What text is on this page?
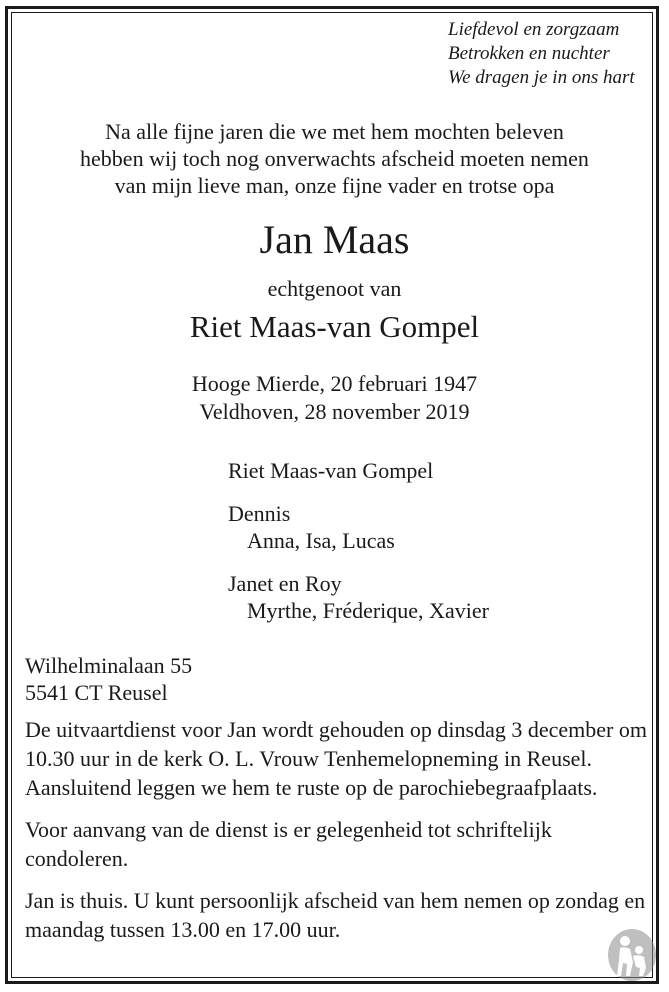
Liefdevol en zorgzaam
Betrokken en nuchter
We dragen je in ons hart
Na alle fijne jaren die we met hem mochten beleven
hebben wij toch nog onverwachts afscheid moeten nemen
van mijn lieve man, onze fijne vader en trotse opa
Jan Maas
echtgenoot van
Riet Maas-van Gompel
Hooge Mierde, 20 februari 1947
Veldhoven, 28 november 2019
Riet Maas-van Gompel
Dennis
Anna, Isa, Lucas
Janet en Roy
Myrthe, Fréderique, Xavier
Wilhelminalaan 55
5541 CT Reusel

De uitvaartdienst voor Jan wordt gehouden op dinsdag 3 december om 10.30 uur in de kerk O. L. Vrouw Tenhemelopneming in Reusel. Aansluitend leggen we hem te ruste op de parochiebegraafplaats.

Voor aanvang van de dienst is er gelegenheid tot schriftelijk condoleren.

Jan is thuis. U kunt persoonlijk afscheid van hem nemen op zondag en maandag tussen 13.00 en 17.00 uur.
